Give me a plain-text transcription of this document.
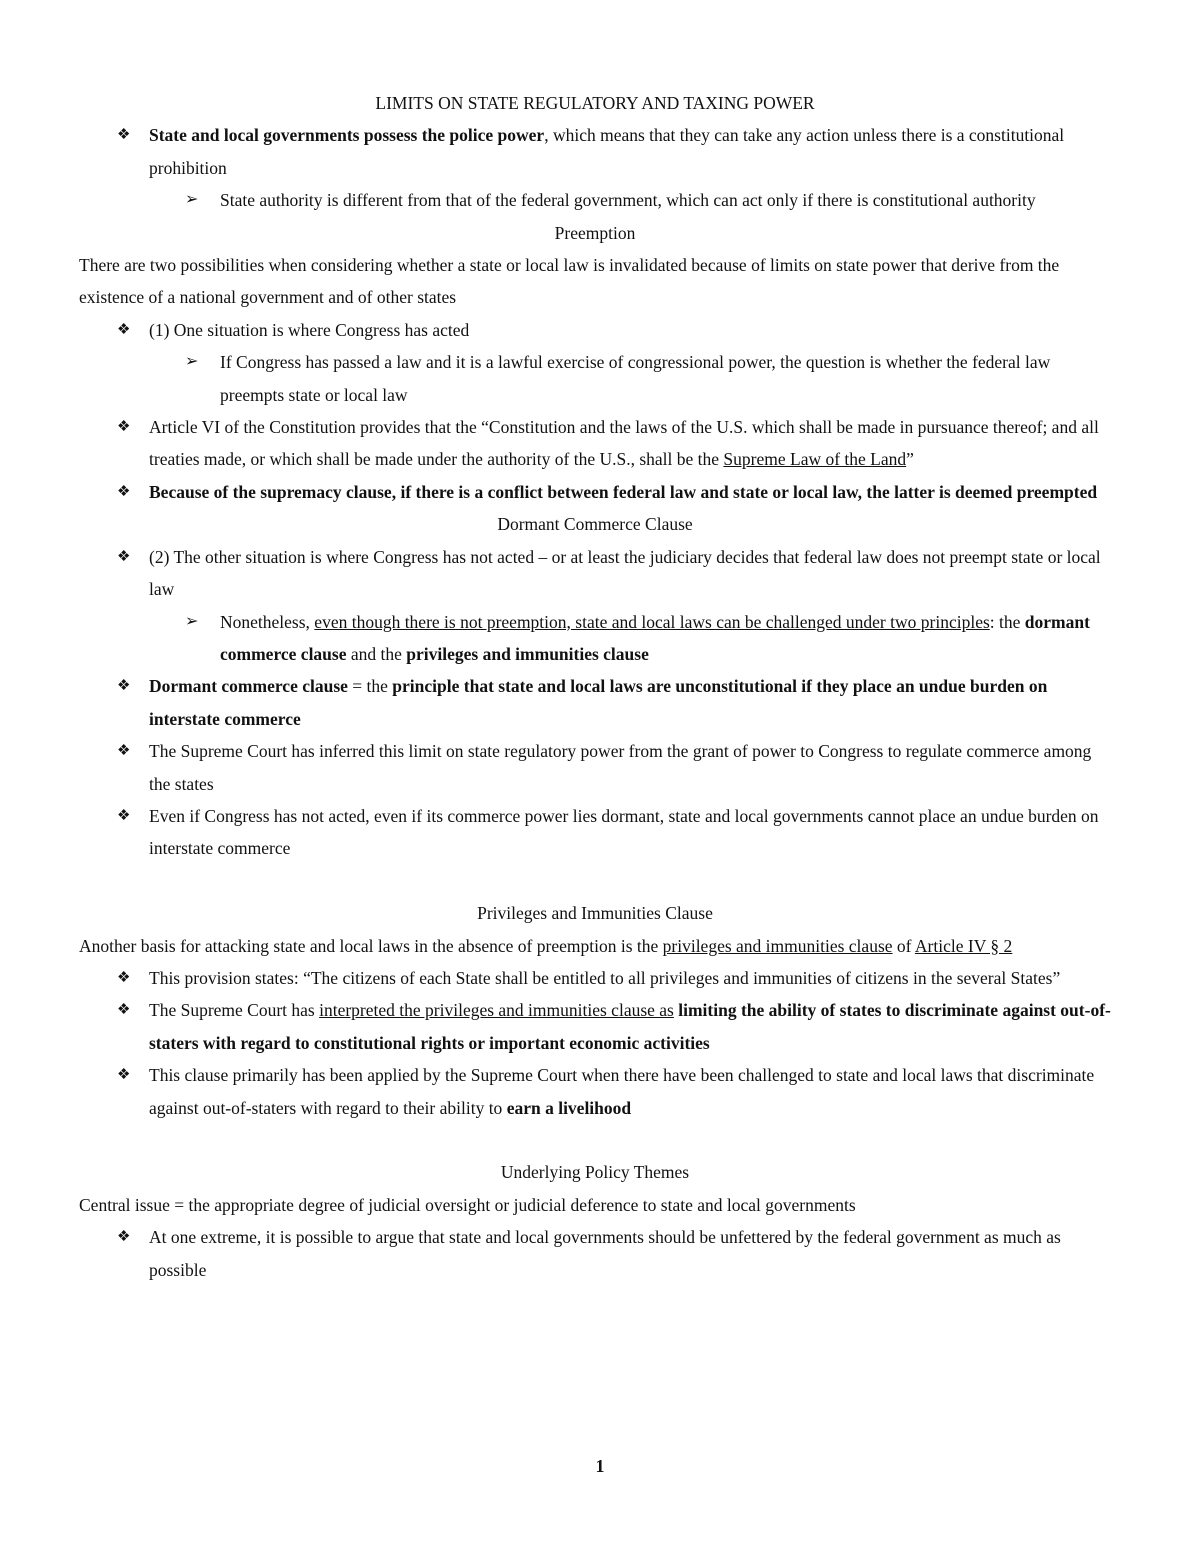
LIMITS ON STATE REGULATORY AND TAXING POWER
❖ State and local governments possess the police power, which means that they can take any action unless there is a constitutional prohibition
➢ State authority is different from that of the federal government, which can act only if there is constitutional authority
Preemption
There are two possibilities when considering whether a state or local law is invalidated because of limits on state power that derive from the existence of a national government and of other states
❖ (1) One situation is where Congress has acted
➢ If Congress has passed a law and it is a lawful exercise of congressional power, the question is whether the federal law preempts state or local law
❖ Article VI of the Constitution provides that the “Constitution and the laws of the U.S. which shall be made in pursuance thereof; and all treaties made, or which shall be made under the authority of the U.S., shall be the Supreme Law of the Land”
❖ Because of the supremacy clause, if there is a conflict between federal law and state or local law, the latter is deemed preempted
Dormant Commerce Clause
❖ (2) The other situation is where Congress has not acted – or at least the judiciary decides that federal law does not preempt state or local law
➢ Nonetheless, even though there is not preemption, state and local laws can be challenged under two principles: the dormant commerce clause and the privileges and immunities clause
❖ Dormant commerce clause = the principle that state and local laws are unconstitutional if they place an undue burden on interstate commerce
❖ The Supreme Court has inferred this limit on state regulatory power from the grant of power to Congress to regulate commerce among the states
❖ Even if Congress has not acted, even if its commerce power lies dormant, state and local governments cannot place an undue burden on interstate commerce
Privileges and Immunities Clause
Another basis for attacking state and local laws in the absence of preemption is the privileges and immunities clause of Article IV § 2
❖ This provision states: “The citizens of each State shall be entitled to all privileges and immunities of citizens in the several States”
❖ The Supreme Court has interpreted the privileges and immunities clause as limiting the ability of states to discriminate against out-of-staters with regard to constitutional rights or important economic activities
❖ This clause primarily has been applied by the Supreme Court when there have been challenged to state and local laws that discriminate against out-of-staters with regard to their ability to earn a livelihood
Underlying Policy Themes
Central issue = the appropriate degree of judicial oversight or judicial deference to state and local governments
❖ At one extreme, it is possible to argue that state and local governments should be unfettered by the federal government as much as possible
1
